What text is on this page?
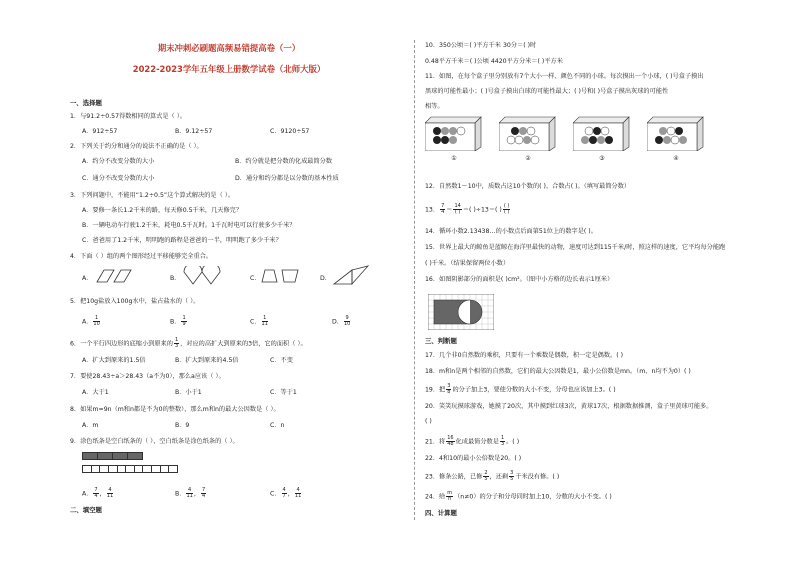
期末冲刺必刷题高频易错提高卷（一）
2022-2023学年五年级上册数学试卷（北师大版）
一、选择题
1．与91.2÷0.57得数相同的算式是（ ）。
A．912÷57	B．9.12÷57	C．9120÷57
2．下列关于约分和通分的说法不正确的是（ ）。
A．约分不改变分数的大小	B．约分就是把分数的化成最简分数
C．通分不改变分数的大小	D．通分和约分都是以分数的基本性质
3．下列问题中，不能用“1.2÷0.5”这个算式解决的是（ ）。
A．要修一条长1.2千米的路，每天修0.5千米，几天修完？
B．一辆电动车行驶1.2千米，耗电0.5千瓦时。1千瓦时电可以行驶多少千米？
C．爸爸用了1.2千米，明明跑的路程是爸爸的一半，明明跑了多少千米？
4．下面（ ）组的两个图形经过平移能够完全重合。
A．	B．	C．	D．
5．把10g盐放入100g水中，盐占盐水的（ ）。
A． $\frac{1}{10}$	B． $\frac{1}{9}$	C． $\frac{1}{11}$	D． $\frac{9}{10}$
6．一个平行四边形的底缩小到原来的 $\frac{1}{3}$ ，对应的高扩大到原来的3倍，它的面积（ ）。
A．扩大到原来的1.5倍	B．扩大到原来的4.5倍	C．不变
7．要使28.43÷a＞28.43（a不为0），那么a应该（ ）。
A．大于1	B．小于1	C．等于1
8．如果m=9n（m和n都是不为0的整数），那么m和n的最大公因数是（ ）。
A．m	B．9	C．n
9．涂色纸条是空白纸条的（ ），空白纸条是涂色纸条的（ ）。
A． $\frac{7}{4}$ ， $\frac{4}{11}$	B． $\frac{4}{11}$ ， $\frac{7}{4}$	C． $\frac{4}{7}$ ， $\frac{4}{11}$
二、填空题
10．350公顷＝( )平方千米 30分＝( )时
0.48平方千米＝( )公顷 4420平方分米＝( )平方米
11．如图，在每个盒子里分别放有7个大小一样、颜色不同的小球。每次摸出一个小球，( )号盒子摸出
黑球的可能性最小；( )号盒子摸出白球的可能性最大；( )号和( )号盒子摸出灰球的可能性
相等。
①	②	③	④
12．自然数1～10中，质数占这10个数的( )，合数占( )。（填写最简分数）
13． $\frac{7}{4} = \frac{14}{( )}$ ＝( )÷13＝( ) $\frac{( )}{( )}$
14．循环小数2.13438…的小数点后面第51位上的数字是( )。
15．世界上最大的鲸鱼是蓝鲸在海洋里最快的动物，速度可达到115千米/时，照这样的速度，它平均每分能跑
( )千米。（结果保留两位小数）
16．如图阴影部分的面积是( )cm²。（图中小方格的边长表示1厘米）
三、判断题
17．几个非0自然数的乘积，只要有一个乘数是偶数，积一定是偶数。( )
18．m和n是两个相邻的自然数，它们的最大公因数是1，最小公倍数是mn。（m、n均不为0）( )
19．把 $\frac{3}{8}$ 的分子加上3，要使分数的大小不变，分母也应该加上3。( )
20．笑笑玩摸球游戏，她摸了20次，其中摸到红球3次，黄球17次，根据数据推测，盒子里黄球可能多。
( )
21．将 $\frac{16}{48}$ 化成最简分数是 $\frac{1}{3}$ 。( )
22．4和10的最小公倍数是20。( )
23．修条公路，已修 $\frac{2}{5}$ ，还剩 $\frac{3}{5}$ 千米没有修。( )
24．给 $\frac{m}{n} (n\ne 0)$的分子和分母同时加上10，分数的大小不变。( )
四、计算题
